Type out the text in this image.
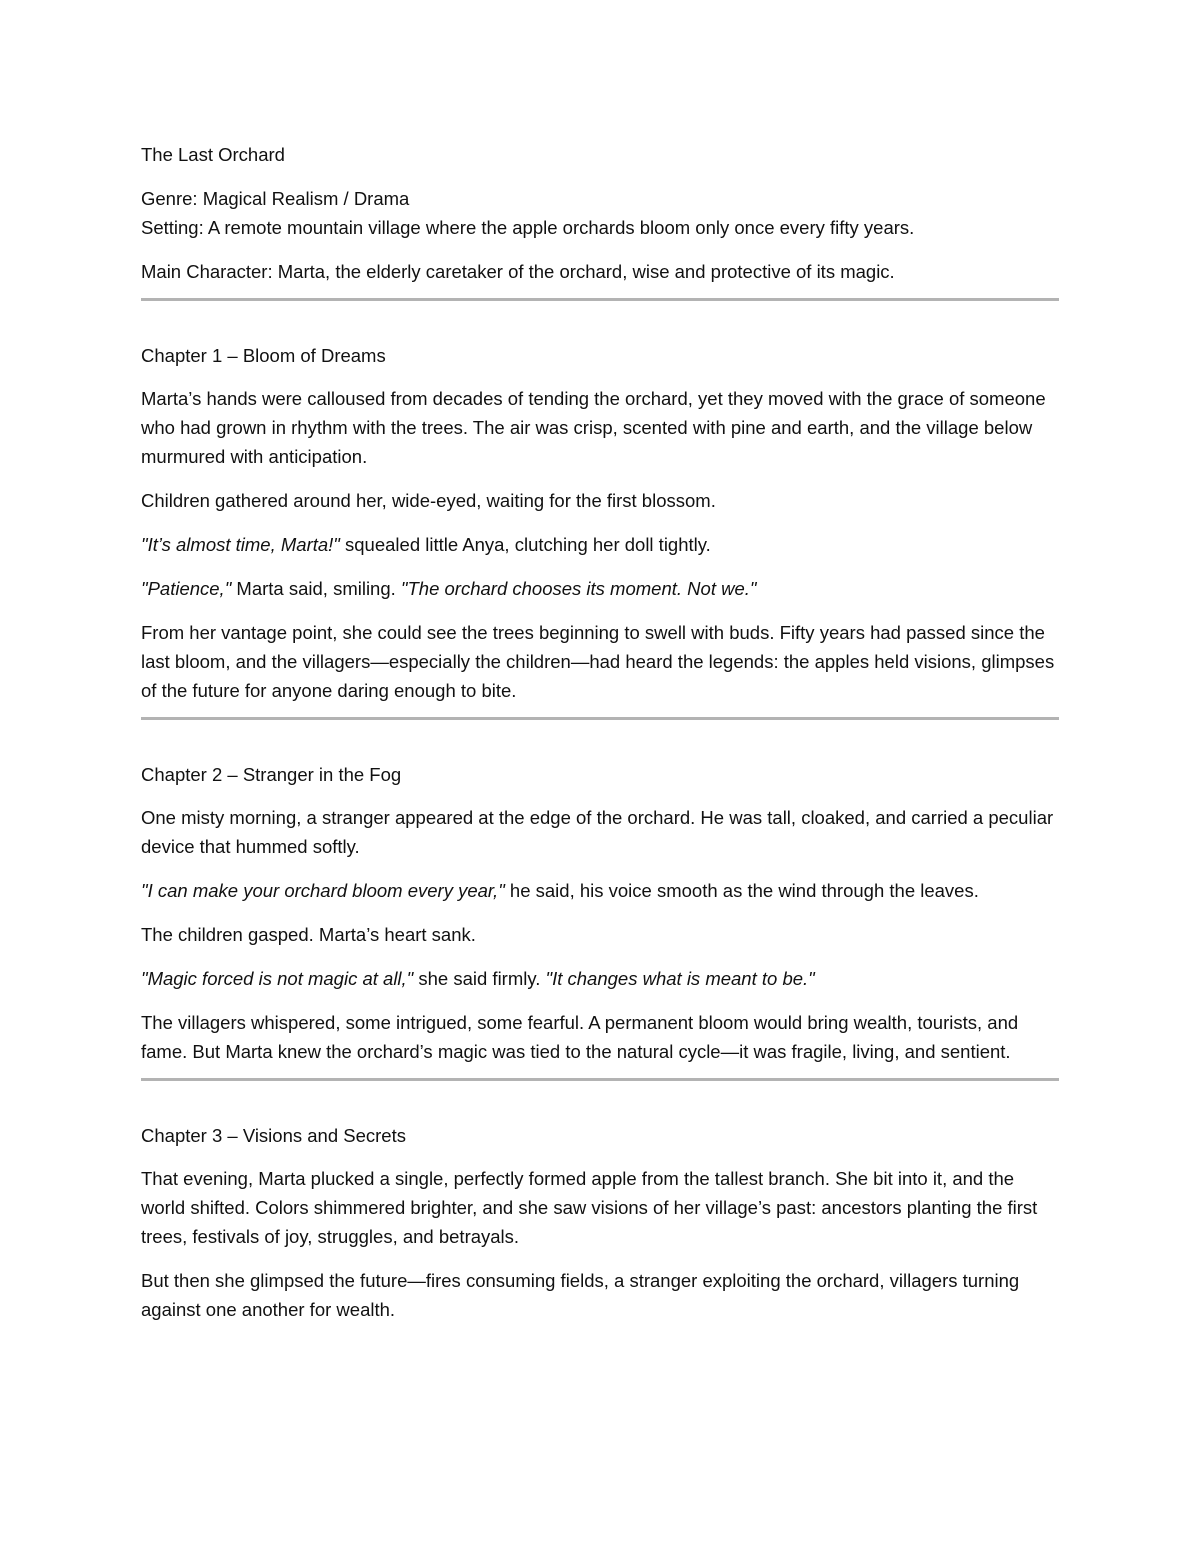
The Last Orchard

Genre: Magical Realism / Drama

Setting: A remote mountain village where the apple orchards bloom only once every fifty years.

Main Character: Marta, the elderly caretaker of the orchard, wise and protective of its magic.

Chapter 1 – Bloom of Dreams

Marta’s hands were calloused from decades of tending the orchard, yet they moved with the grace of someone who had grown in rhythm with the trees. The air was crisp, scented with pine and earth, and the village below murmured with anticipation.

Children gathered around her, wide-eyed, waiting for the first blossom.

"It’s almost time, Marta!" squealed little Anya, clutching her doll tightly.

"Patience," Marta said, smiling. "The orchard chooses its moment. Not we."

From her vantage point, she could see the trees beginning to swell with buds. Fifty years had passed since the last bloom, and the villagers—especially the children—had heard the legends: the apples held visions, glimpses of the future for anyone daring enough to bite.

Chapter 2 – Stranger in the Fog

One misty morning, a stranger appeared at the edge of the orchard. He was tall, cloaked, and carried a peculiar device that hummed softly.

"I can make your orchard bloom every year," he said, his voice smooth as the wind through the leaves.

The children gasped. Marta’s heart sank.

"Magic forced is not magic at all," she said firmly. "It changes what is meant to be."

The villagers whispered, some intrigued, some fearful. A permanent bloom would bring wealth, tourists, and fame. But Marta knew the orchard’s magic was tied to the natural cycle—it was fragile, living, and sentient.

Chapter 3 – Visions and Secrets

That evening, Marta plucked a single, perfectly formed apple from the tallest branch. She bit into it, and the world shifted. Colors shimmered brighter, and she saw visions of her village’s past: ancestors planting the first trees, festivals of joy, struggles, and betrayals.

But then she glimpsed the future—fires consuming fields, a stranger exploiting the orchard, villagers turning against one another for wealth.
